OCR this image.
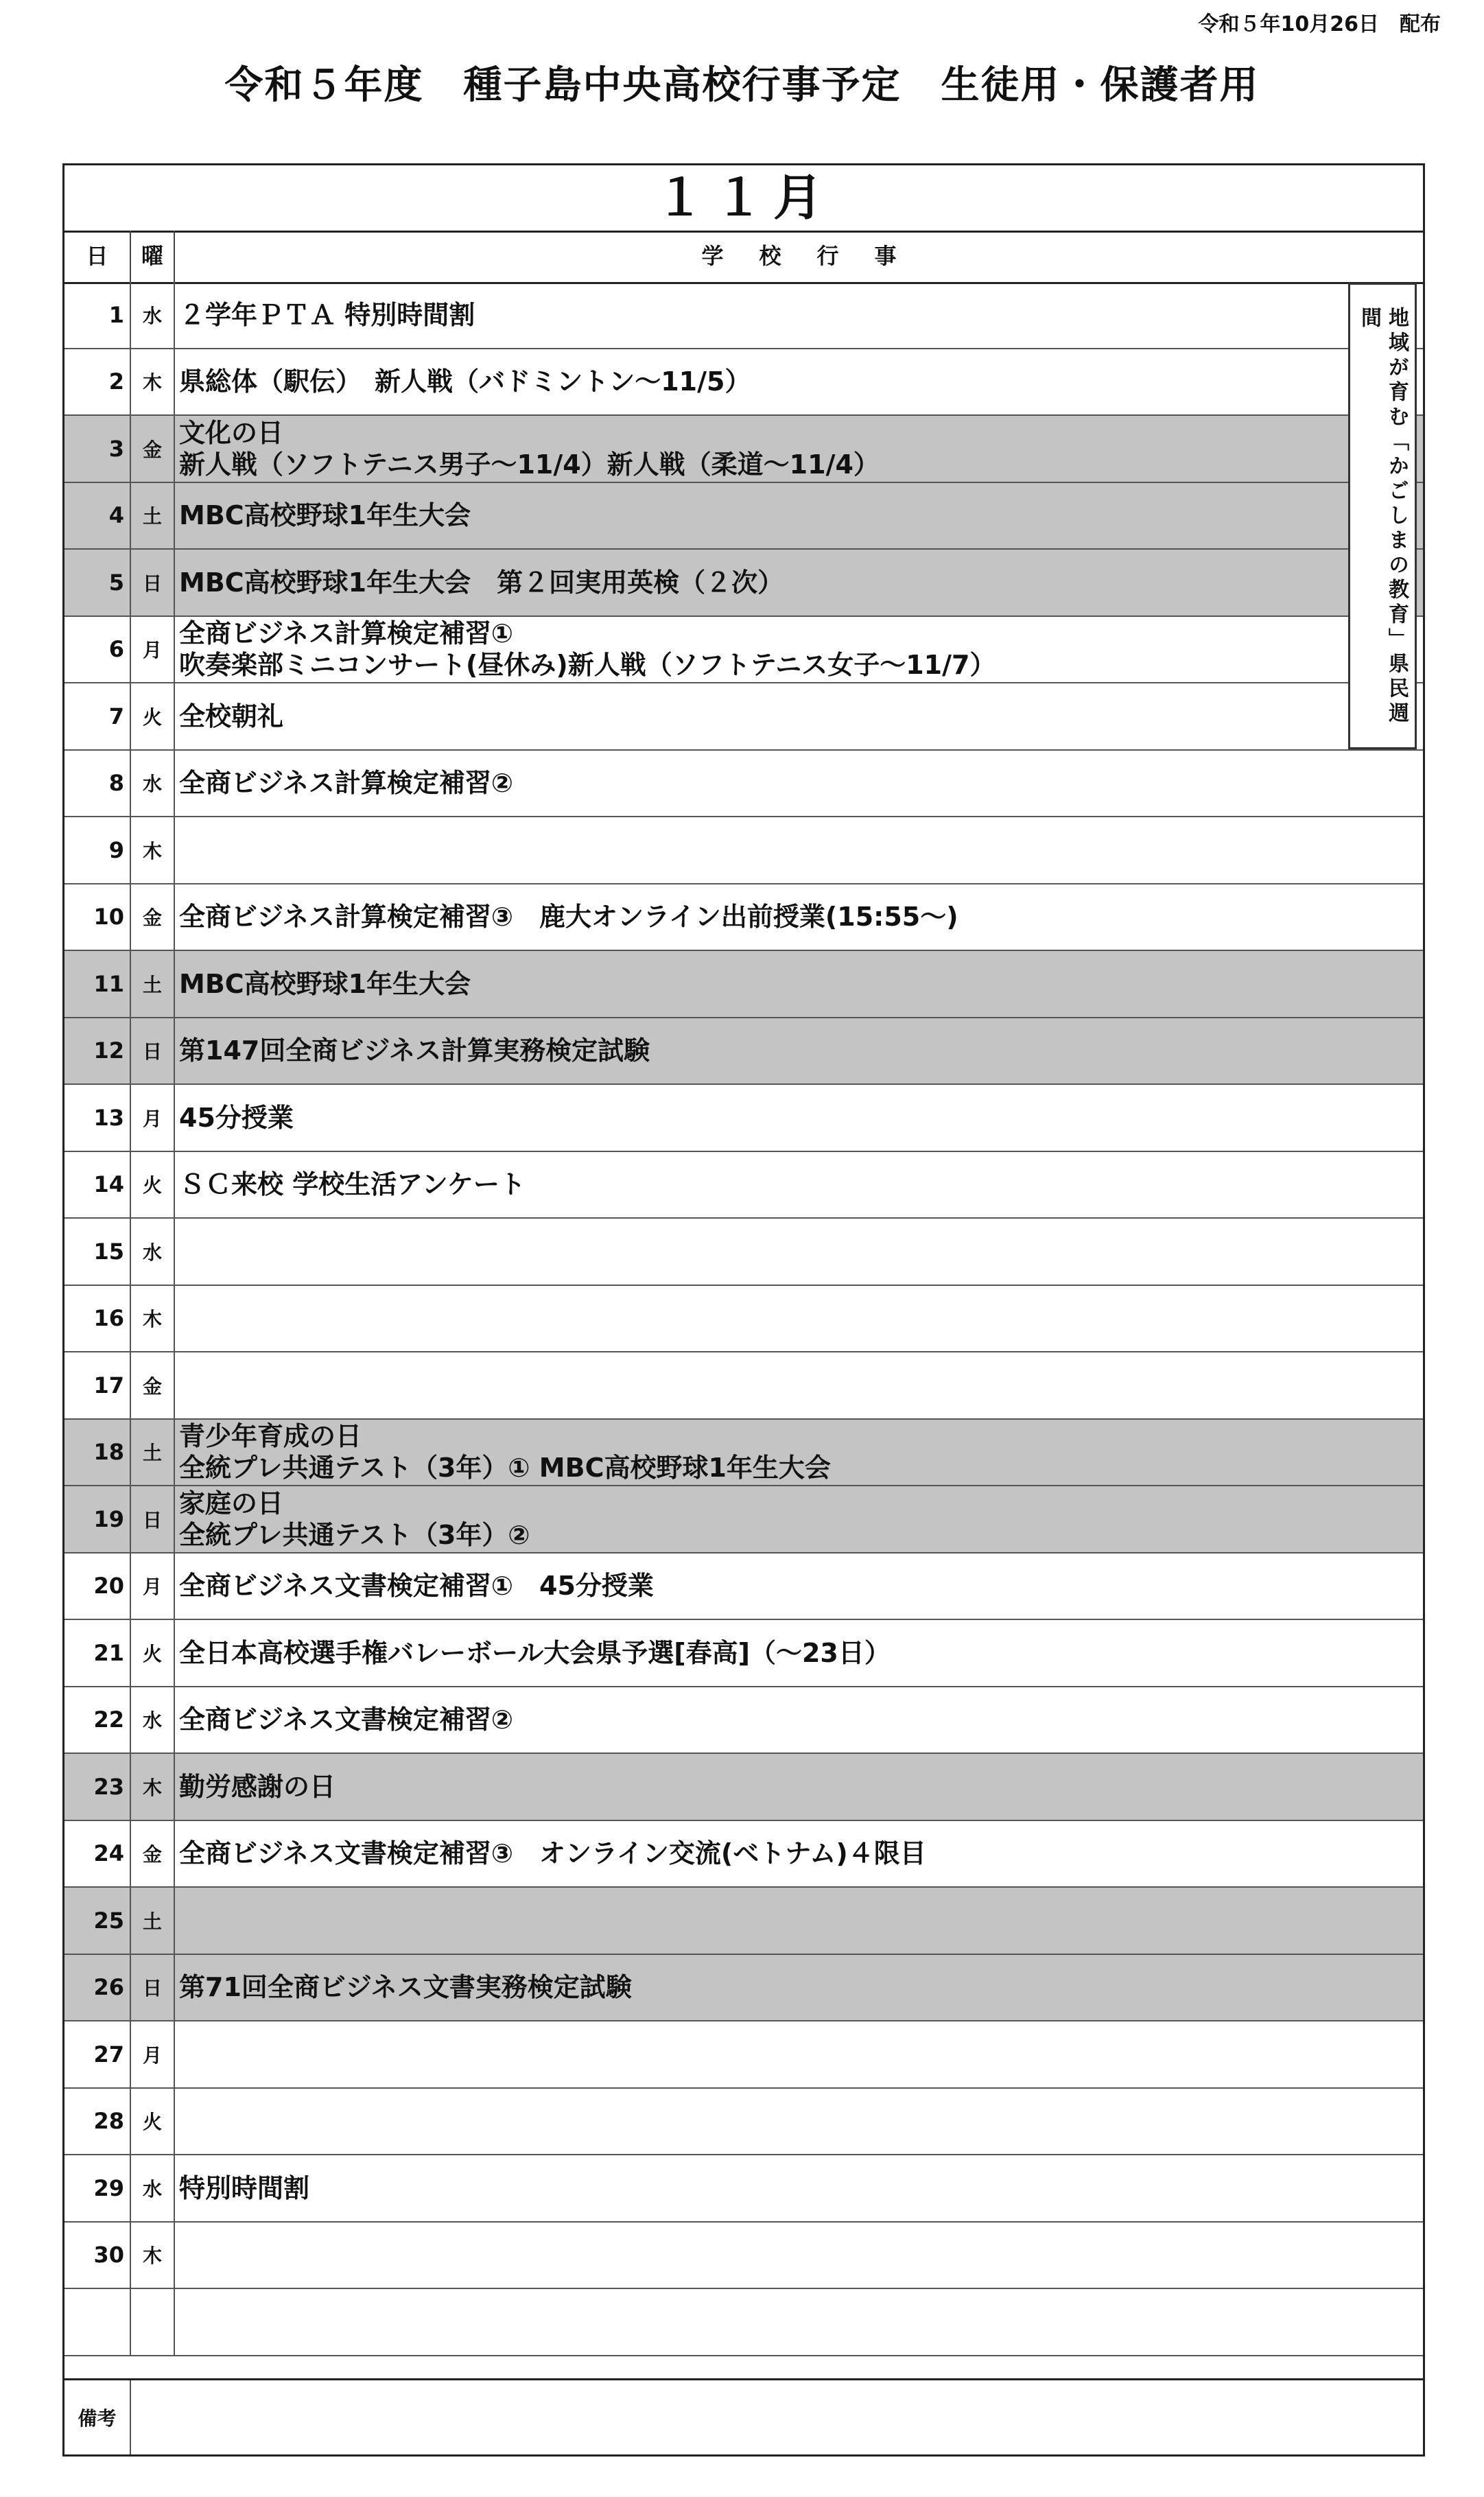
令和５年10月26日　配布
令和５年度　種子島中央高校行事予定　生徒用・保護者用
１１月
日	曜	学校行事
1 水 ２学年ＰＴＡ 特別時間割
2 木 県総体（駅伝）　新人戦（バドミントン～11/5）
3 金
文化の日
新人戦（ソフトテニス男子～11/4）新人戦（柔道～11/4）
4 土 MBC高校野球1年生大会
5 日 MBC高校野球1年生大会　第２回実用英検（２次）
6 月
全商ビジネス計算検定補習①
吹奏楽部ミニコンサート(昼休み)新人戦（ソフトテニス女子～11/7）
7 火 全校朝礼
8 水 全商ビジネス計算検定補習②
9 木
10 金 全商ビジネス計算検定補習③　鹿大オンライン出前授業(15:55～)
11 土 MBC高校野球1年生大会
12 日 第147回全商ビジネス計算実務検定試験
13 月 45分授業
14 火 ＳＣ来校 学校生活アンケート
15 水
16 木
17 金
18 土
青少年育成の日
全統プレ共通テスト（3年）① MBC高校野球1年生大会
19 日
家庭の日
全統プレ共通テスト（3年）②
20 月 全商ビジネス文書検定補習①　45分授業
21 火 全日本高校選手権バレーボール大会県予選[春高]（～23日）
22 水 全商ビジネス文書検定補習②
23 木 勤労感謝の日
24 金 全商ビジネス文書検定補習③　オンライン交流(ベトナム)４限目
25 土
26 日 第71回全商ビジネス文書実務検定試験
27 月
28 火
29 水 特別時間割
30 木
備考
地域が育む「かごしまの教育」県民週間
